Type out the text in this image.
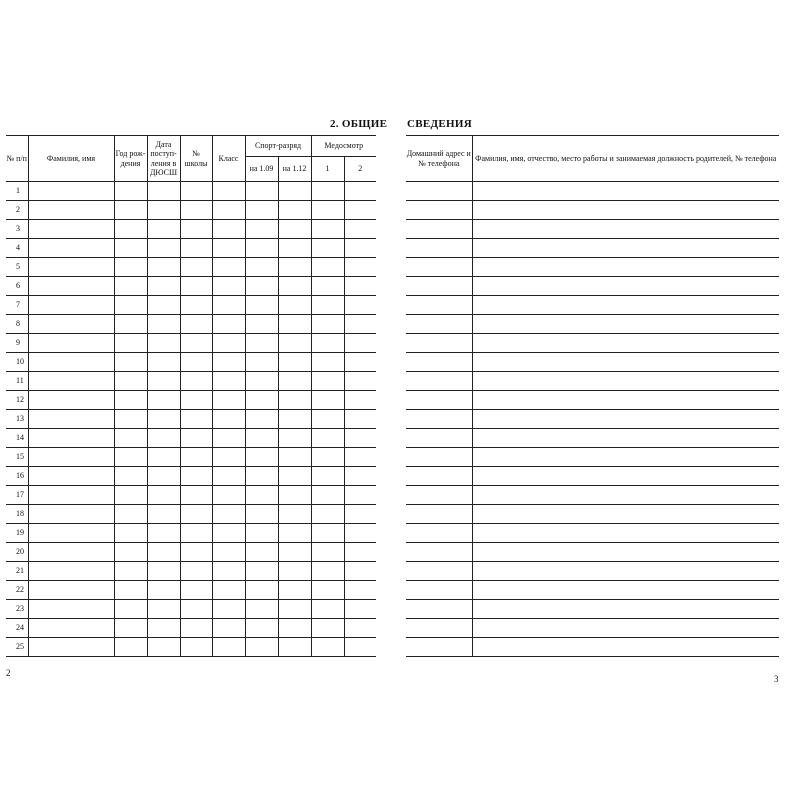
2. ОБЩИЕ
№ п/п	Фамилия, имя	Год рож-дения	Дата поступ-ления в ДЮСШ	№ школы	Класс	Спорт-разряд		Медосмотр	
						на 1.09	на 1.12	1	2
1									
2									
3									
4									
5									
6									
7									
8									
9									
10									
11									
12									
13									
14									
15									
16									
17									
18									
19									
20									
21									
22									
23									
24									
25									
2
СВЕДЕНИЯ
Домашний адрес и № телефона	Фамилия, имя, отчество, место работы и занимаемая должность родителей, № телефона

3
